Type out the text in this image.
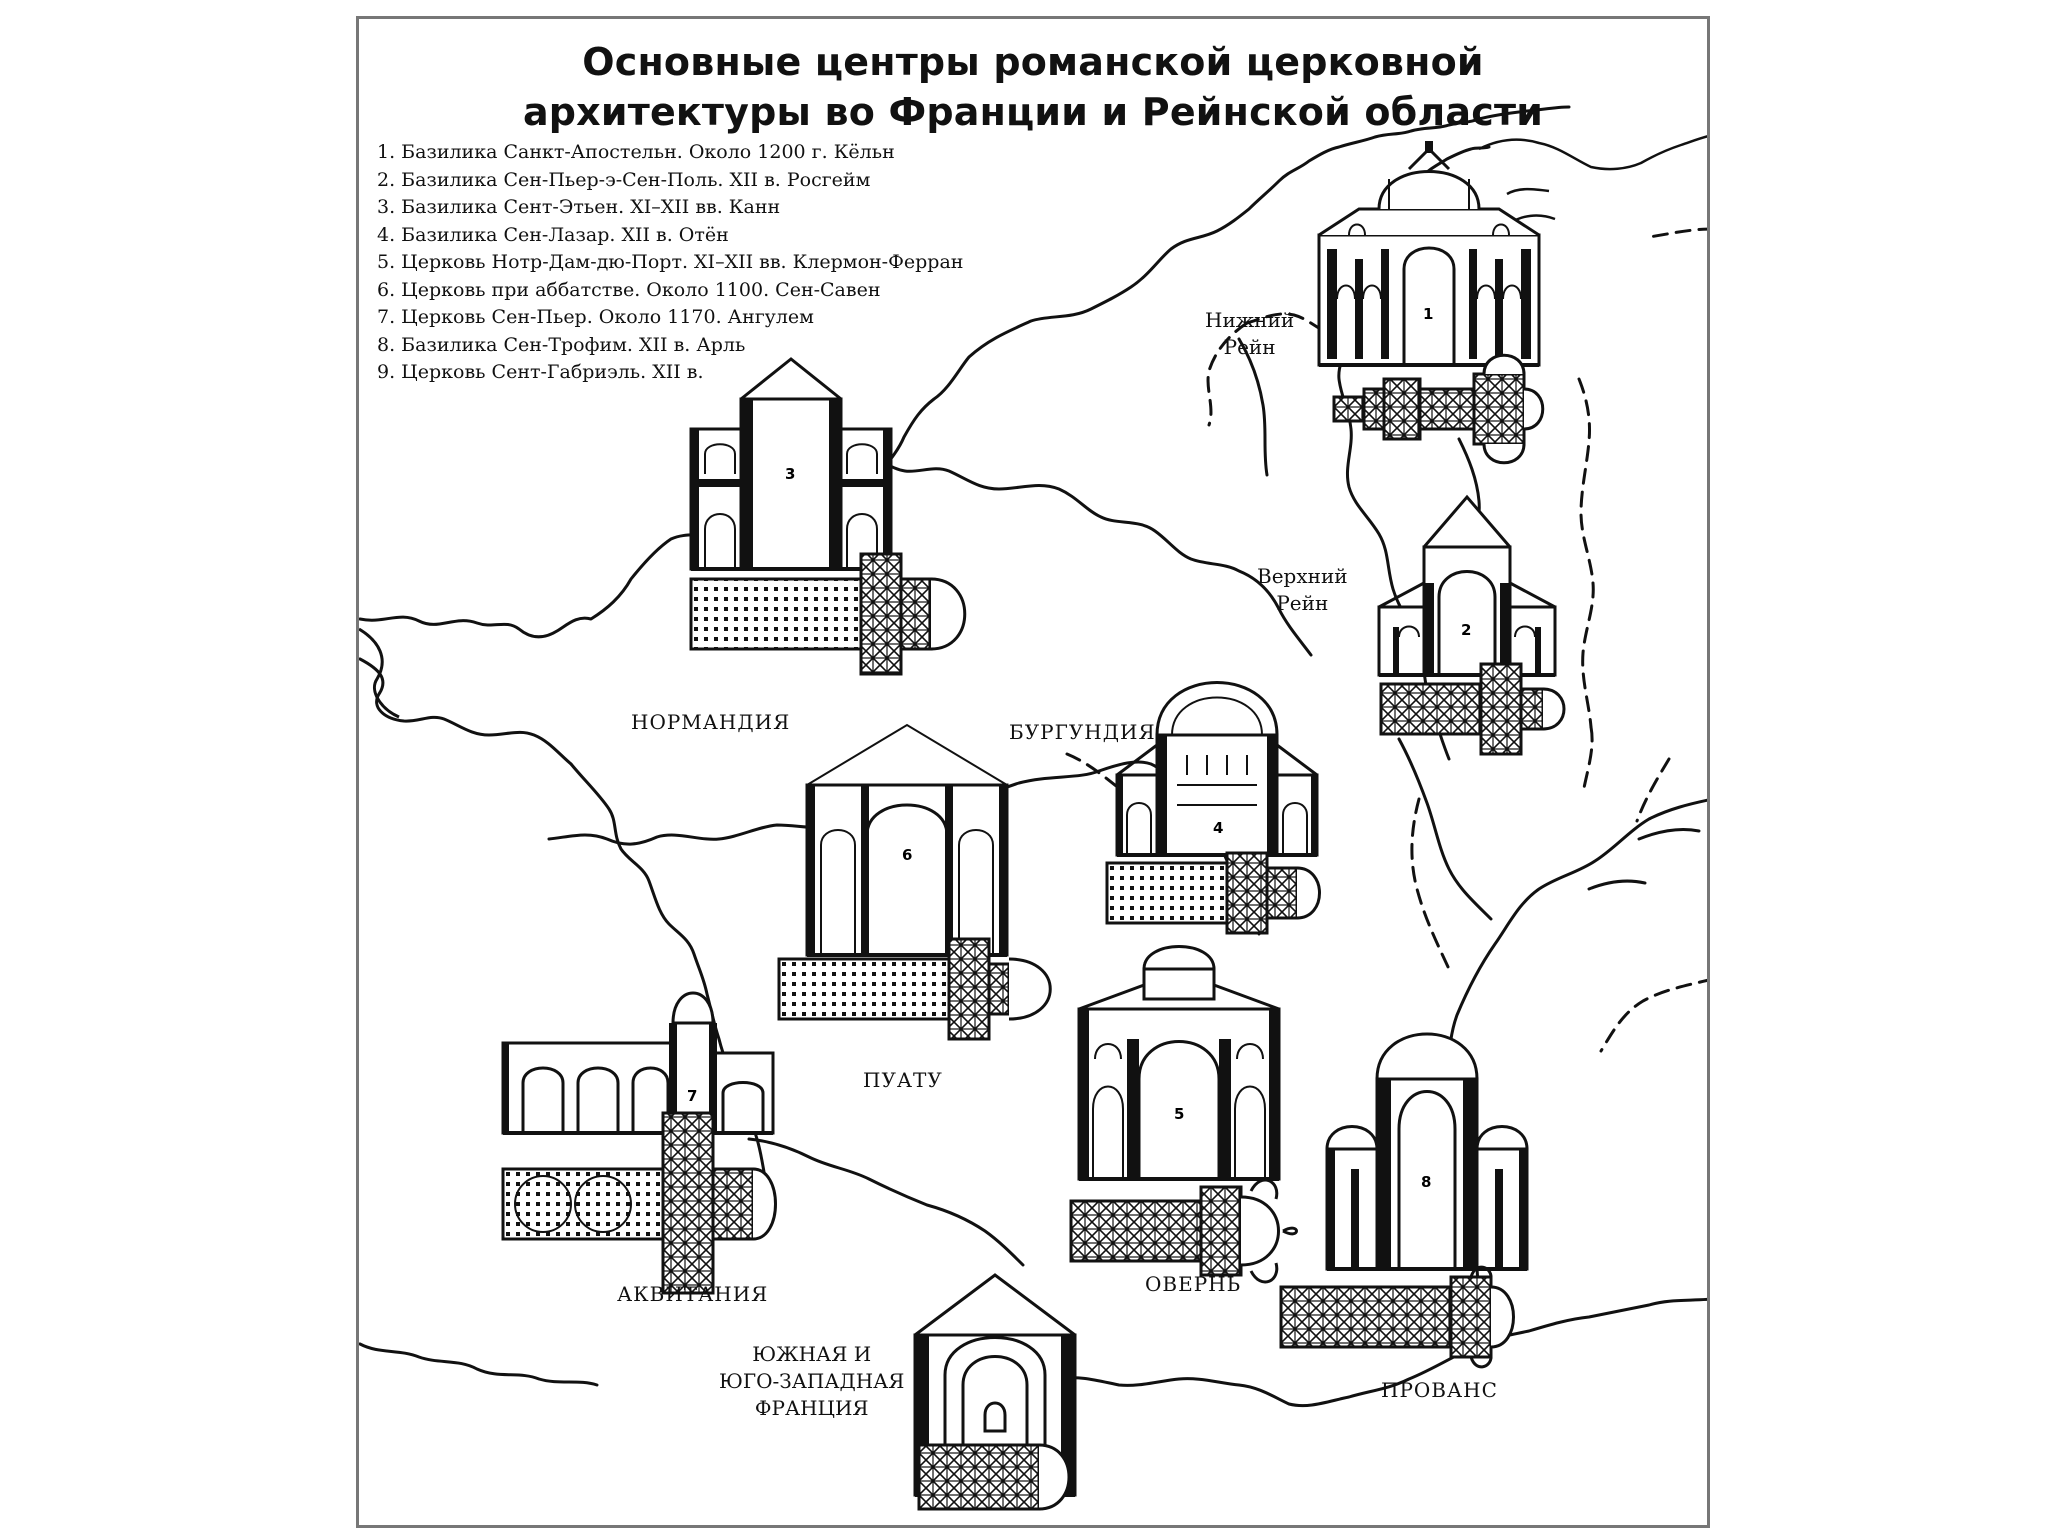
1
2
3
4
5
6
7
8
Основные центры романской церковной
архитектуры во Франции и Рейнской области
1. Базилика Санкт-Апостельн. Около 1200 г. Кёльн
2. Базилика Сен-Пьер-э-Сен-Поль. XII в. Росгейм
3. Базилика Сент-Этьен. XI–XII вв. Канн
4. Базилика Сен-Лазар. XII в. Отён
5. Церковь Нотр-Дам-дю-Порт. XI–XII вв. Клермон-Ферран
6. Церковь при аббатстве. Около 1100. Сен-Савен
7. Церковь Сен-Пьер. Около 1170. Ангулем
8. Базилика Сен-Трофим. XII в. Арль
9. Церковь Сент-Габриэль. XII в.
Нижний
Рейн
Верхний
Рейн
НОРМАНДИЯ	БУРГУНДИЯ
ПУАТУ
АКВИТАНИЯ	ОВЕРНЬ
ЮЖНАЯ И
ЮГО-ЗАПАДНАЯ
ФРАНЦИЯ
ПРОВАНС
